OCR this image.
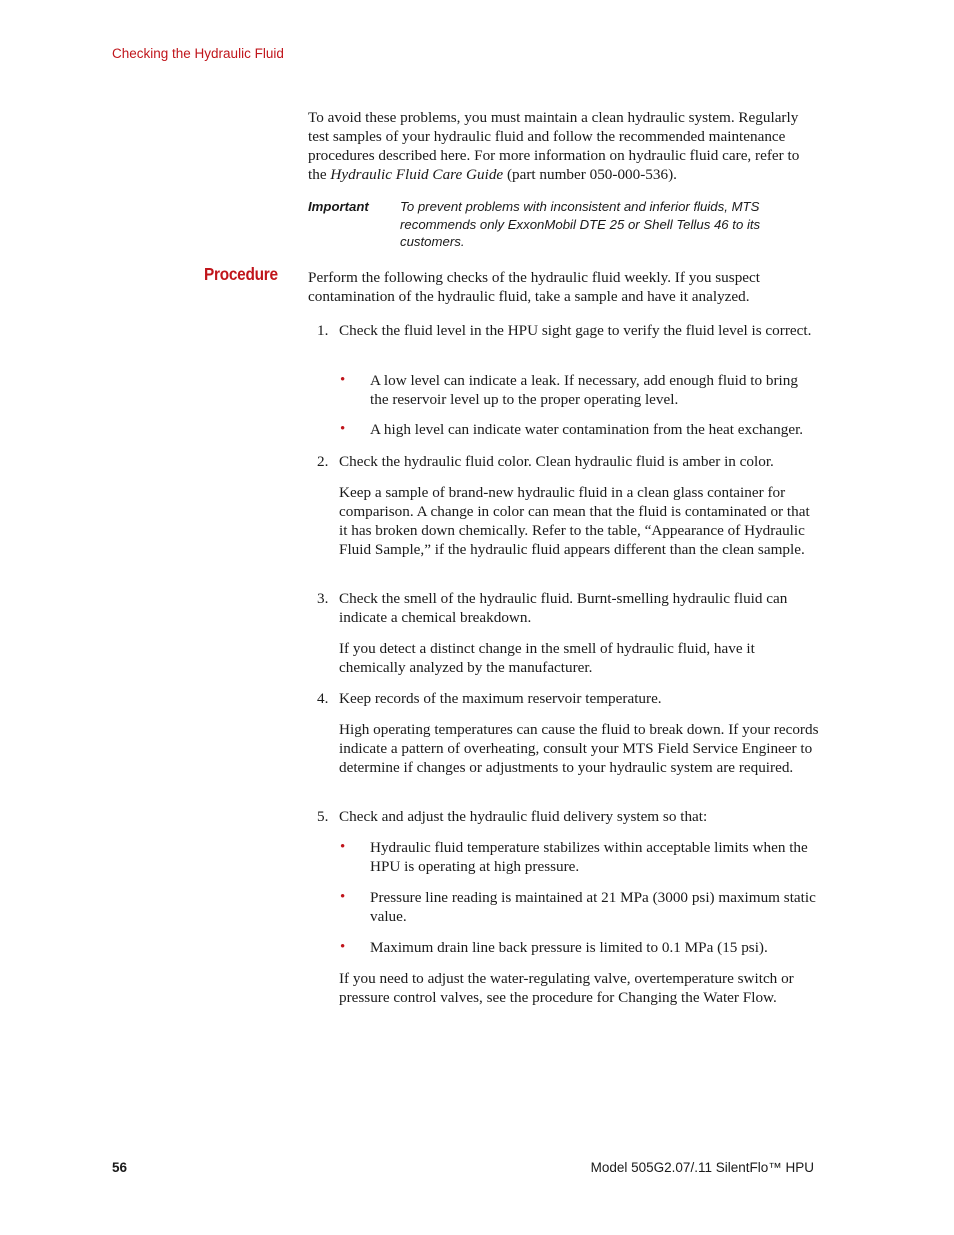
Checking the Hydraulic Fluid

To avoid these problems, you must maintain a clean hydraulic system. Regularly test samples of your hydraulic fluid and follow the recommended maintenance procedures described here. For more information on hydraulic fluid care, refer to the Hydraulic Fluid Care Guide (part number 050-000-536).

Important To prevent problems with inconsistent and inferior fluids, MTS recommends only ExxonMobil DTE 25 or Shell Tellus 46 to its customers.
Procedure Perform the following checks of the hydraulic fluid weekly. If you suspect contamination of the hydraulic fluid, take a sample and have it analyzed.

1. Check the fluid level in the HPU sight gage to verify the fluid level is correct.
• A low level can indicate a leak. If necessary, add enough fluid to bring the reservoir level up to the proper operating level.
• A high level can indicate water contamination from the heat exchanger.
2. Check the hydraulic fluid color. Clean hydraulic fluid is amber in color.

Keep a sample of brand-new hydraulic fluid in a clean glass container for comparison. A change in color can mean that the fluid is contaminated or that it has broken down chemically. Refer to the table, “Appearance of Hydraulic Fluid Sample,” if the hydraulic fluid appears different than the clean sample.

3. Check the smell of the hydraulic fluid. Burnt-smelling hydraulic fluid can indicate a chemical breakdown.

If you detect a distinct change in the smell of hydraulic fluid, have it chemically analyzed by the manufacturer.

4. Keep records of the maximum reservoir temperature.

High operating temperatures can cause the fluid to break down. If your records indicate a pattern of overheating, consult your MTS Field Service Engineer to determine if changes or adjustments to your hydraulic system are required.

5. Check and adjust the hydraulic fluid delivery system so that:
• Hydraulic fluid temperature stabilizes within acceptable limits when the HPU is operating at high pressure.
• Pressure line reading is maintained at 21 MPa (3000 psi) maximum static value.
• Maximum drain line back pressure is limited to 0.1 MPa (15 psi).

If you need to adjust the water-regulating valve, overtemperature switch or pressure control valves, see the procedure for Changing the Water Flow.

56	Model 505G2.07/.11 SilentFlo™ HPU
